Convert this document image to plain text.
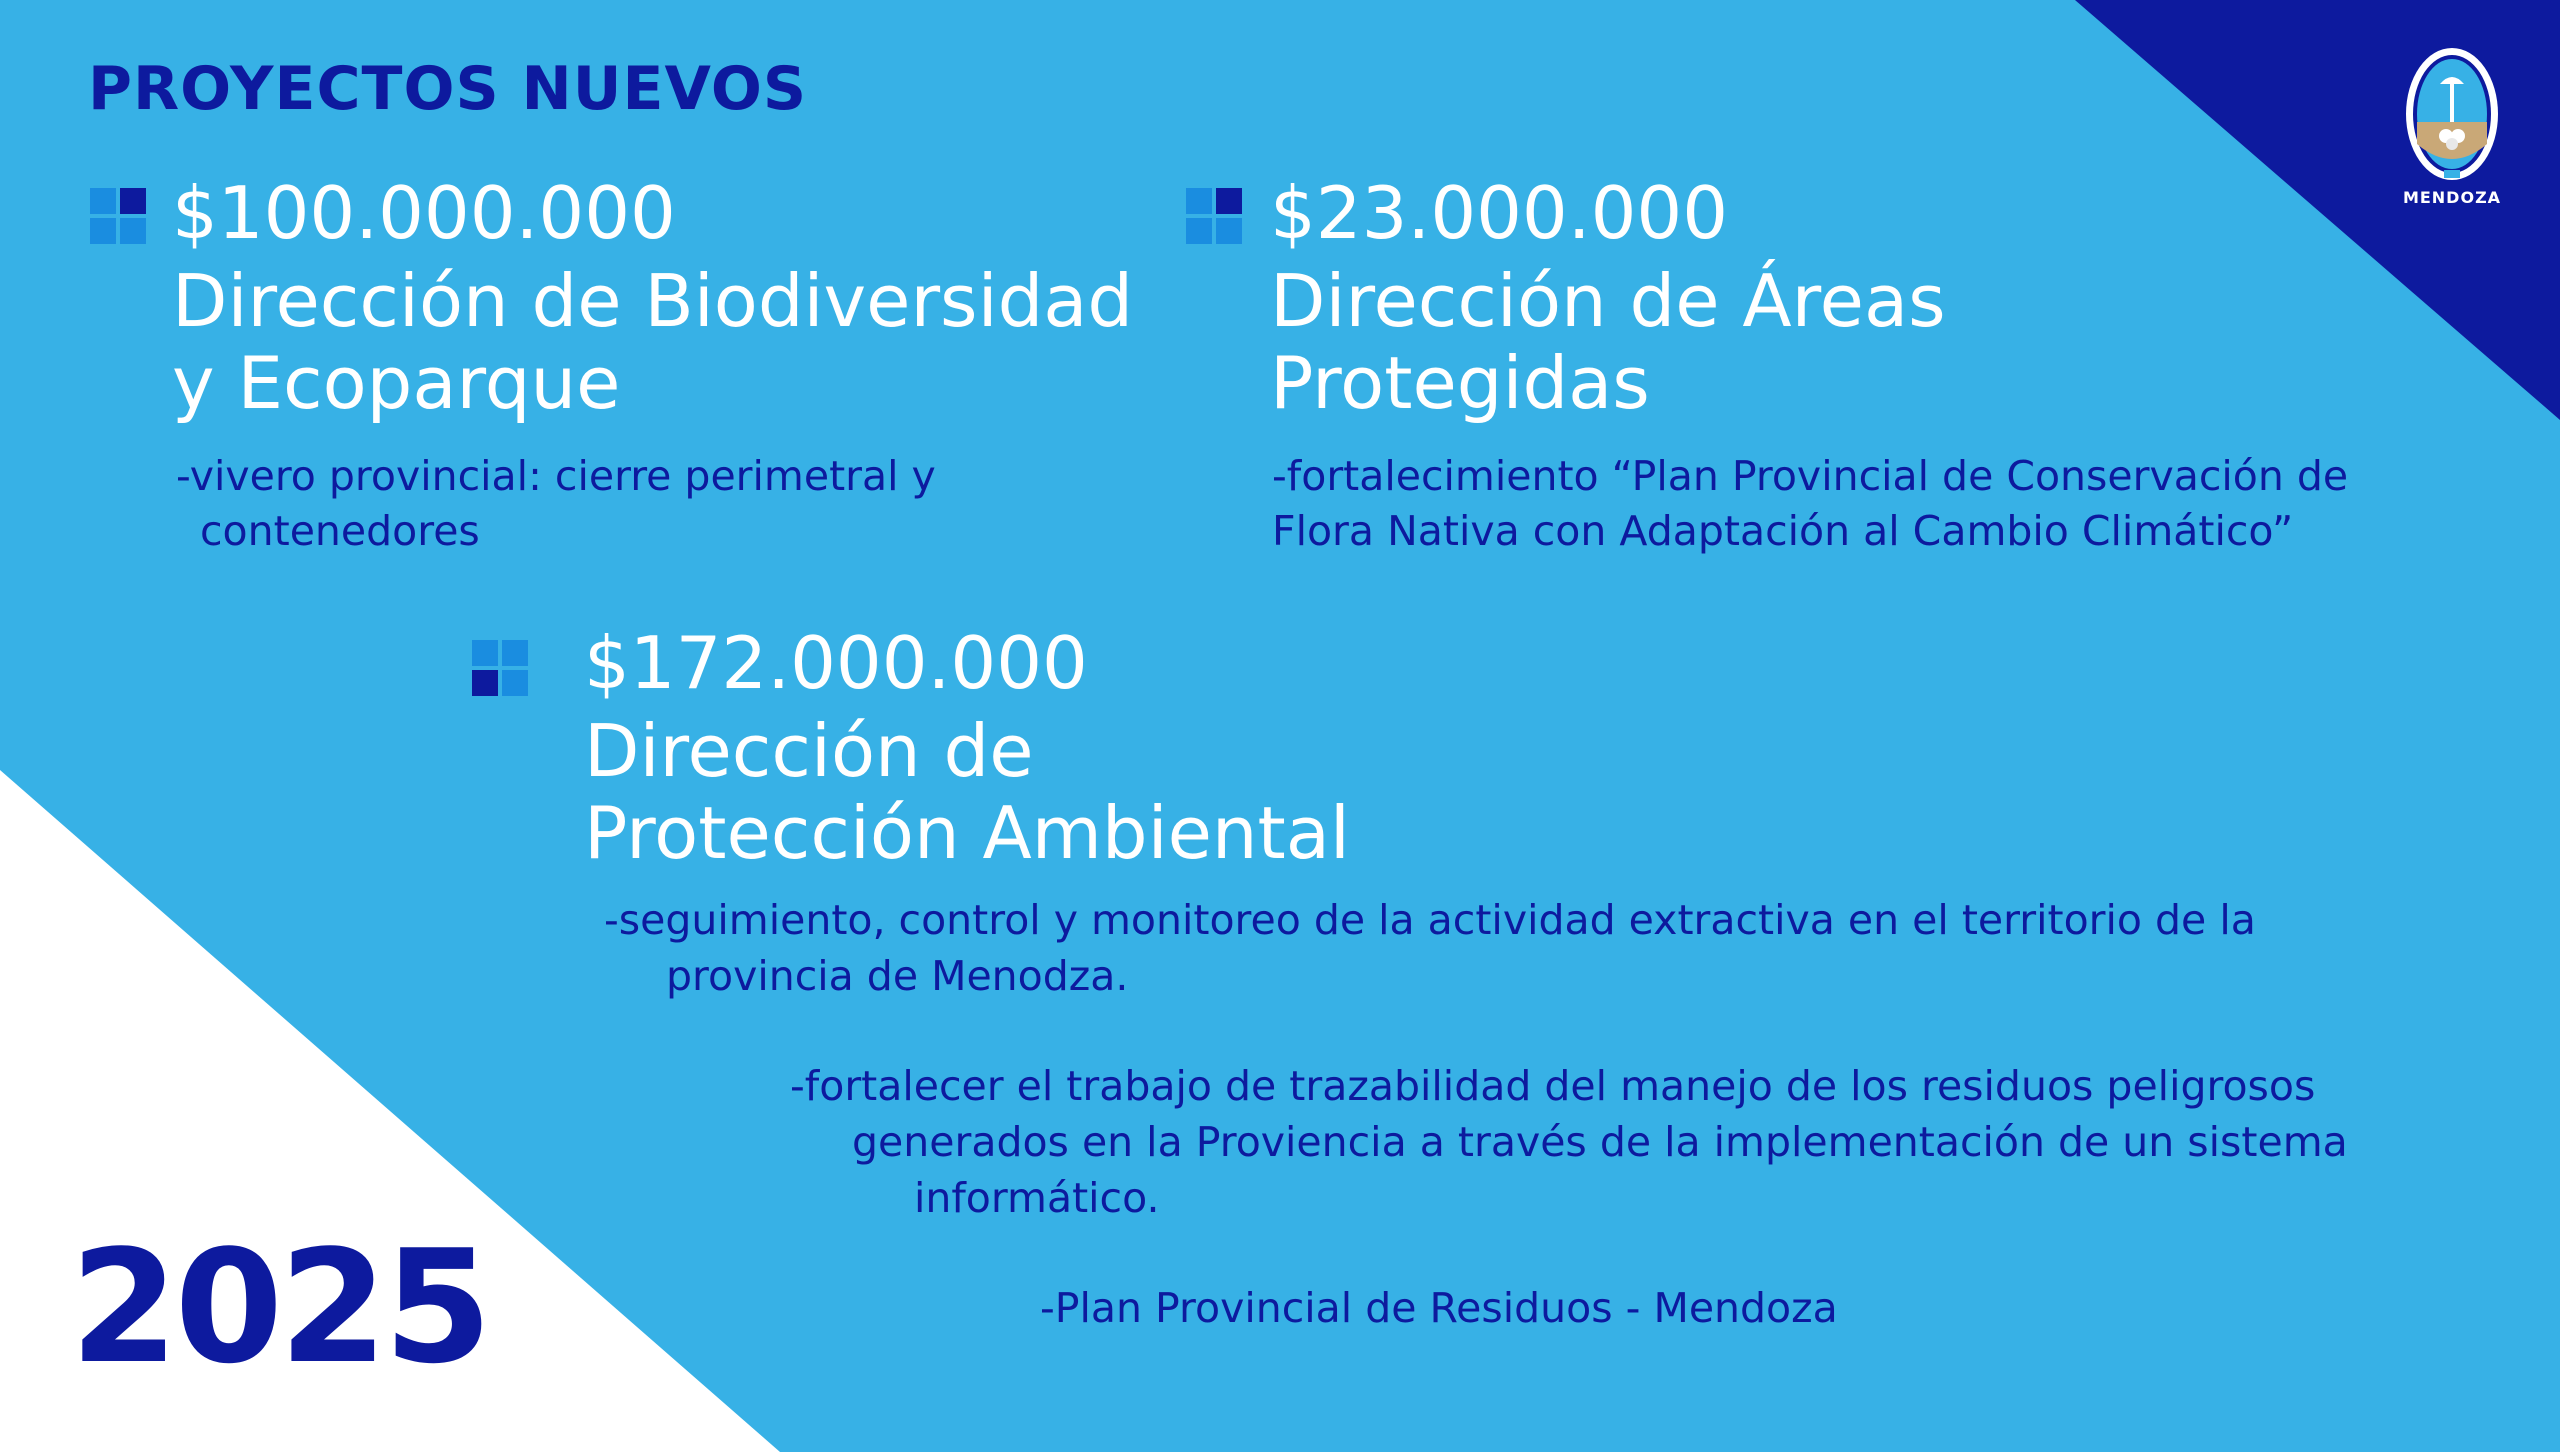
PROYECTOS NUEVOS
MENDOZA

$100.000.000

Dirección de Biodiversidad

y Ecoparque

-vivero provincial: cierre perimetral y

contenedores

$23.000.000

Dirección de Áreas

Protegidas

-fortalecimiento “Plan Provincial de Conservación de

Flora Nativa con Adaptación al Cambio Climático”

$172.000.000

Dirección de

Protección Ambiental

-seguimiento, control y monitoreo de la actividad extractiva en el territorio de la

provincia de Menodza.

-fortalecer el trabajo de trazabilidad del manejo de los residuos peligrosos

generados en la Proviencia a través de la implementación de un sistema

informático.

-Plan Provincial de Residuos - Mendoza

2025
